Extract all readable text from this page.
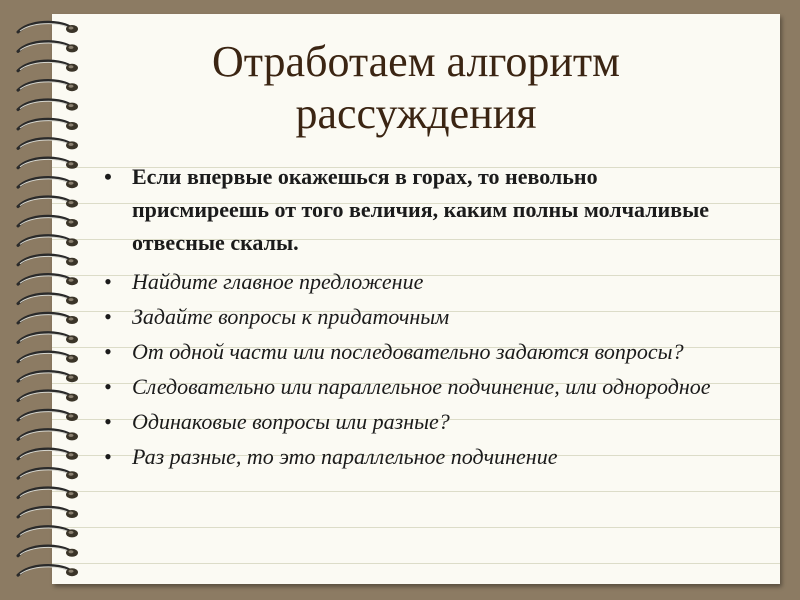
Отработаем алгоритм
рассуждения
• Если впервые окажешься в горах, то невольно присмиреешь от того величия, каким полны молчаливые отвесные скалы.
• Найдите главное предложение
• Задайте вопросы к придаточным
• От одной части или последовательно задаются вопросы?
• Следовательно или параллельное подчинение, или однородное
• Одинаковые вопросы или разные?
• Раз разные, то это параллельное подчинение
